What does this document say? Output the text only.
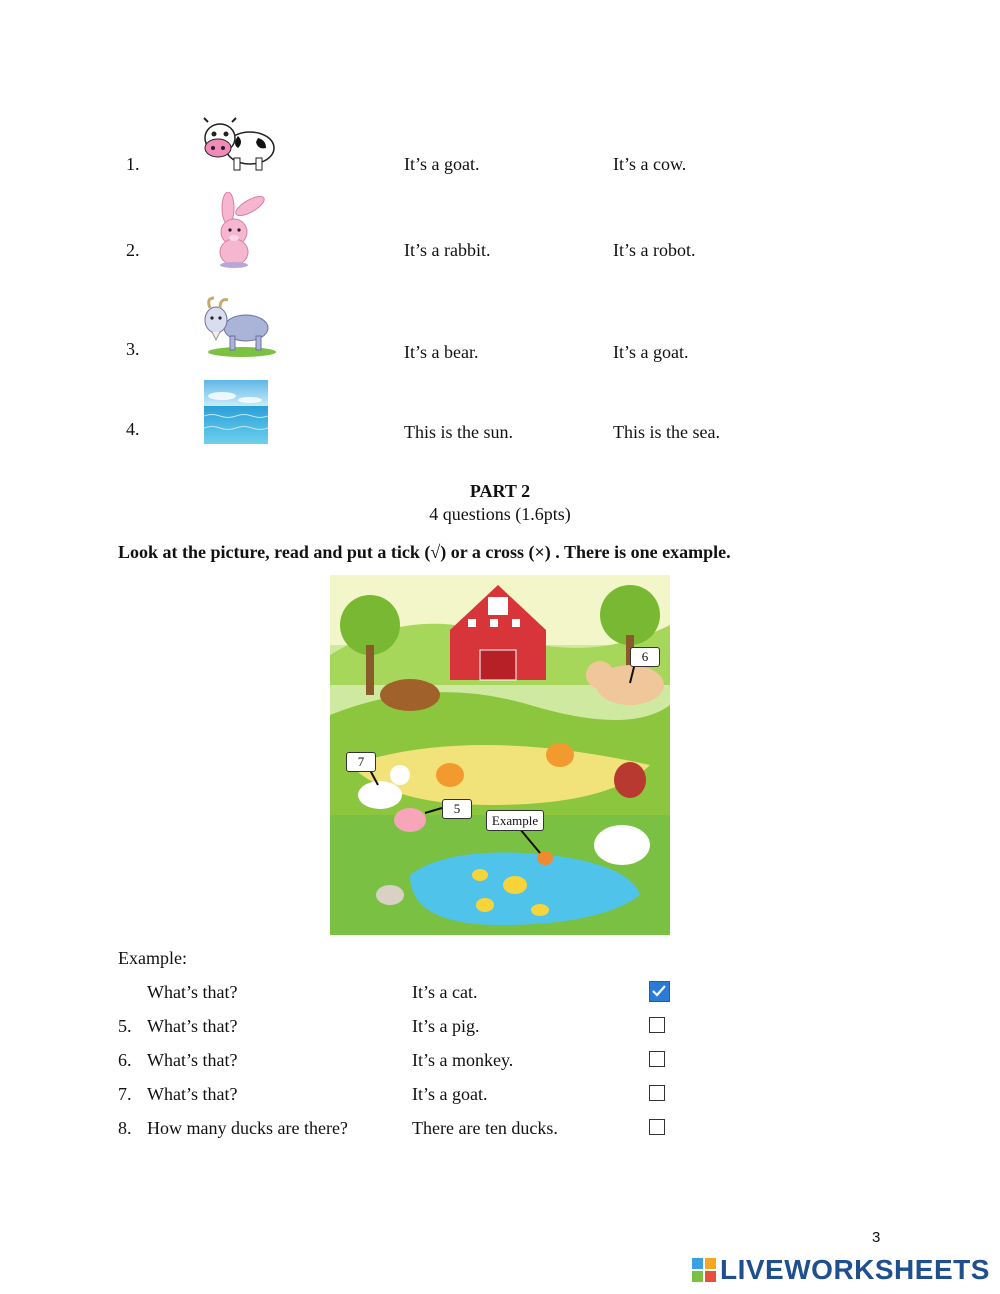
1.	It’s a goat.	It’s a cow.
2.	It’s a rabbit.	It’s a robot.
3.	It’s a bear.	It’s a goat.
4.	This is the sun.	This is the sea.
PART 2
4 questions (1.6pts)
Look at the picture, read and put a tick (√) or a cross (×) . There is one example.
6
7
5
Example
Example:
What’s that?	It’s a cat.
5. What’s that?	It’s a pig.
6. What’s that?	It’s a monkey.
7. What’s that?	It’s a goat.
8. How many ducks are there?	There are ten ducks.
3
LIVEWORKSHEETS
